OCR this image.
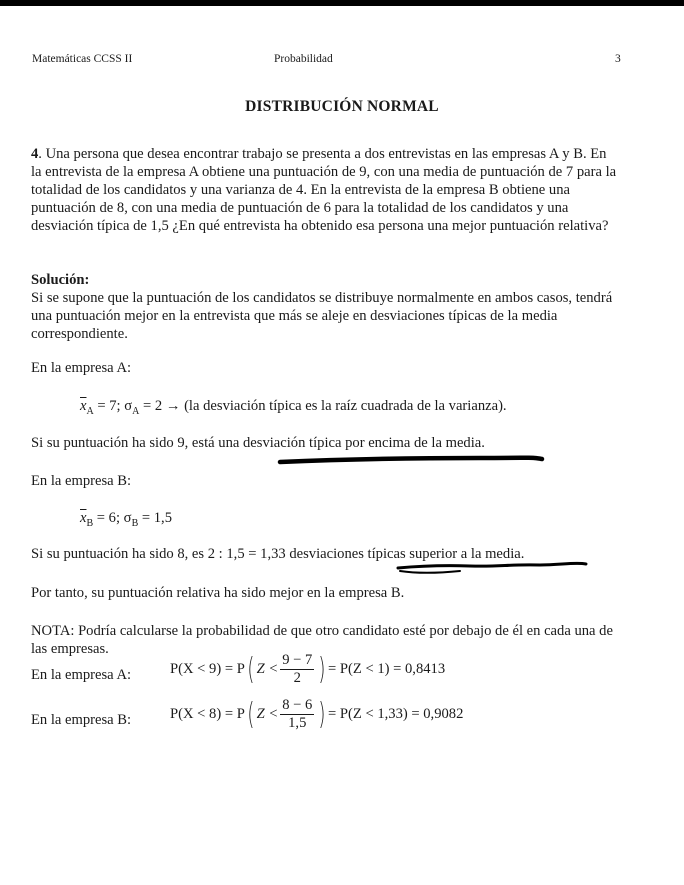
Matemáticas CCSS II	Probabilidad	3
DISTRIBUCIÓN NORMAL
4. Una persona que desea encontrar trabajo se presenta a dos entrevistas en las empresas A y B. En la entrevista de la empresa A obtiene una puntuación de 9, con una media de puntuación de 7 para la totalidad de los candidatos y una varianza de 4. En la entrevista de la empresa B obtiene una puntuación de 8, con una media de puntuación de 6 para la totalidad de los candidatos y una desviación típica de 1,5 ¿En qué entrevista ha obtenido esa persona una mejor puntuación relativa?
Solución:
Si se supone que la puntuación de los candidatos se distribuye normalmente en ambos casos, tendrá una puntuación mejor en la entrevista que más se aleje en desviaciones típicas de la media correspondiente.
En la empresa A:
$\overline{x}_A = 7$; $\sigma_A = 2 \to (la$ desviación típica es la raíz cuadrada de la varianza).
Si su puntuación ha sido 9, está una desviación típica por encima de la media.
En la empresa B:
$\overline{x}_B = 6$; $\sigma_B = 1,5$
Si su puntuación ha sido 8, es 2 : 1,5 = 1,33 desviaciones típicas superior a la media.
Por tanto, su puntuación relativa ha sido mejor en la empresa B.
NOTA: Podría calcularse la probabilidad de que otro candidato esté por debajo de él en cada una de las empresas.
En la empresa A:	P(X < 9) = P( $Z < \frac{9 - 7}{2}$ ) = P(Z < 1) = 0,8413
En la empresa B:	P(X < 8) = P( $Z < \frac{8 - 6}{1,5}$ ) = P(Z < 1,33) = 0,9082
